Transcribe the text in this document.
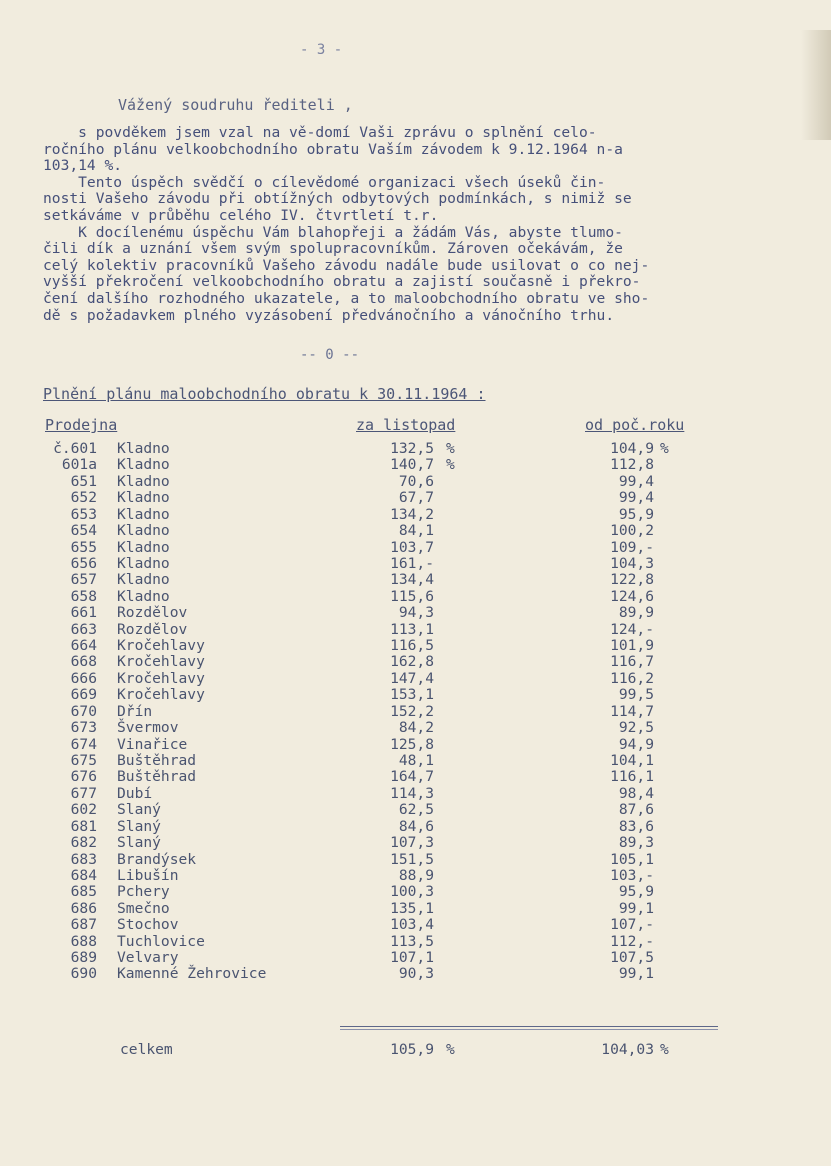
- 3 -
Vážený soudruhu řediteli ,
s povděkem jsem vzal na vě-domí Vaši zprávu o splnění celo-
ročního plánu velkoobchodního obratu Vaším závodem k 9.12.1964 n-a
103,14 %.
Tento úspěch svědčí o cílevědomé organizaci všech úseků čin-
nosti Vašeho závodu při obtížných odbytových podmínkách, s nimiž se
setkáváme v průběhu celého IV. čtvrtletí t.r.
K docílenému úspěchu Vám blahopřeji a žádám Vás, abyste tlumo-
čili dík a uznání všem svým spolupracovníkům. Zároven očekávám, že
celý kolektiv pracovníků Vašeho závodu nadále bude usilovat o co nej-
vyšší překročení velkoobchodního obratu a zajistí současně i překro-
čení dalšího rozhodného ukazatele, a to maloobchodního obratu ve sho-
dě s požadavkem plného vyzásobení předvánočního a vánočního trhu.
-- 0 --
Plnění plánu maloobchodního obratu k 30.11.1964 :
Prodejna	za listopad	od poč.roku
č.601 Kladno	132,5 %	104,9 %
601a Kladno	140,7 %	112,8
651 Kladno	70,6	99,4
652 Kladno	67,7	99,4
653 Kladno	134,2	95,9
654 Kladno	84,1	100,2
655 Kladno	103,7	109,-
656 Kladno	161,-	104,3
657 Kladno	134,4	122,8
658 Kladno	115,6	124,6
661 Rozdělov	94,3	89,9
663 Rozdělov	113,1	124,-
664 Kročehlavy	116,5	101,9
668 Kročehlavy	162,8	116,7
666 Kročehlavy	147,4	116,2
669 Kročehlavy	153,1	99,5
670 Dřín	152,2	114,7
673 Švermov	84,2	92,5
674 Vinařice	125,8	94,9
675 Buštěhrad	48,1	104,1
676 Buštěhrad	164,7	116,1
677 Dubí	114,3	98,4
602 Slaný	62,5	87,6
681 Slaný	84,6	83,6
682 Slaný	107,3	89,3
683 Brandýsek	151,5	105,1
684 Libušín	88,9	103,-
685 Pchery	100,3	95,9
686 Smečno	135,1	99,1
687 Stochov	103,4	107,-
688 Tuchlovice	113,5	112,-
689 Velvary	107,1	107,5
690 Kamenné Žehrovice	90,3	99,1
celkem	105,9 %	104,03 %
